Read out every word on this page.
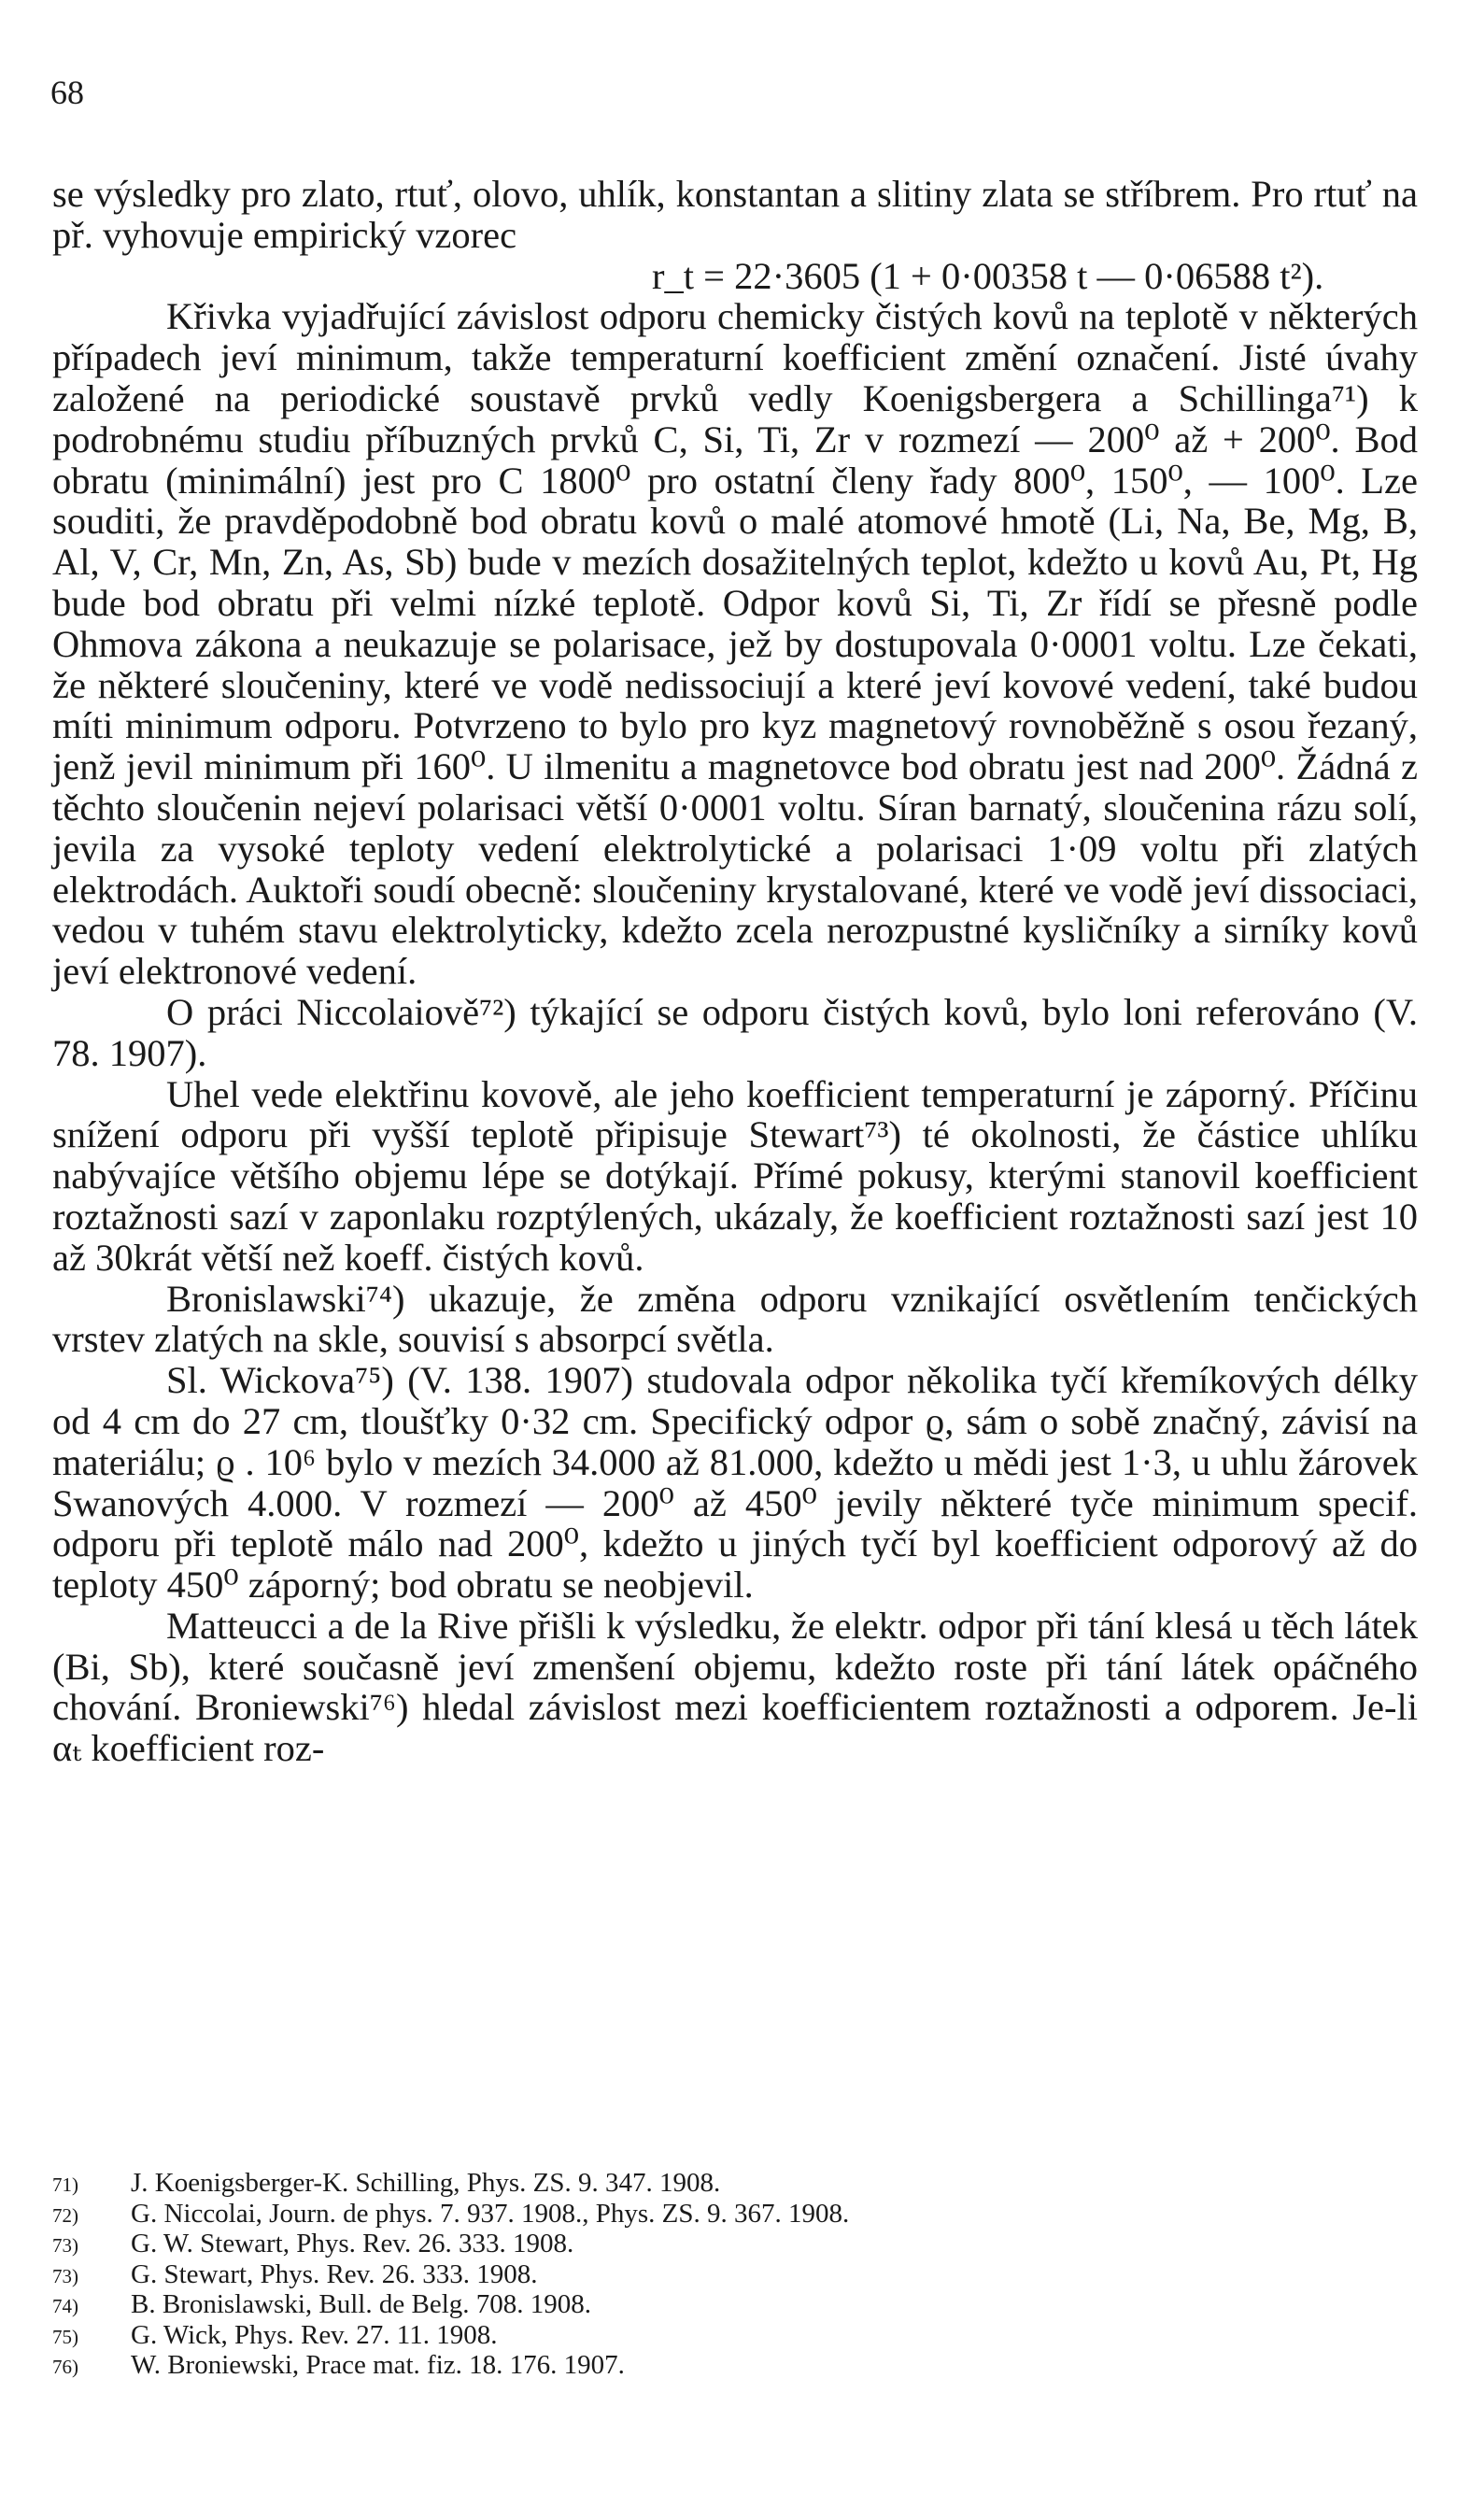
68

se výsledky pro zlato, rtuť, olovo, uhlík, konstantan a slitiny zlata se stříbrem. Pro rtuť na př. vyhovuje empirický vzorec

r_t = 22·3605 (1 + 0·00358 t — 0·06588 t²).

Křivka vyjadřující závislost odporu chemicky čistých kovů na teplotě v některých případech jeví minimum, takže temperaturní koefficient změní označení. Jisté úvahy založené na periodické soustavě prvků vedly Koenigsbergera a Schillinga⁷¹) k podrobnému studiu příbuzných prvků C, Si, Ti, Zr v rozmezí — 200⁰ až + 200⁰. Bod obratu (minimální) jest pro C 1800⁰ pro ostatní členy řady 800⁰, 150⁰, — 100⁰. Lze souditi, že pravděpodobně bod obratu kovů o malé atomové hmotě (Li, Na, Be, Mg, B, Al, V, Cr, Mn, Zn, As, Sb) bude v mezích dosažitelných teplot, kdežto u kovů Au, Pt, Hg bude bod obratu při velmi nízké teplotě. Odpor kovů Si, Ti, Zr řídí se přesně podle Ohmova zákona a neukazuje se polarisace, jež by dostupovala 0·0001 voltu. Lze čekati, že některé sloučeniny, které ve vodě nedissociují a které jeví kovové vedení, také budou míti minimum odporu. Potvrzeno to bylo pro kyz magnetový rovnoběžně s osou řezaný, jenž jevil minimum při 160⁰. U ilmenitu a magnetovce bod obratu jest nad 200⁰. Žádná z těchto sloučenin nejeví polarisaci větší 0·0001 voltu. Síran barnatý, sloučenina rázu solí, jevila za vysoké teploty vedení elektrolytické a polarisaci 1·09 voltu při zlatých elektrodách. Auktoři soudí obecně: sloučeniny krystalované, které ve vodě jeví dissociaci, vedou v tuhém stavu elektrolyticky, kdežto zcela nerozpustné kysličníky a sirníky kovů jeví elektronové vedení.

O práci Niccolaiově⁷²) týkající se odporu čistých kovů, bylo loni referováno (V. 78. 1907).

Uhel vede elektřinu kovově, ale jeho koefficient temperaturní je záporný. Příčinu snížení odporu při vyšší teplotě připisuje Stewart⁷³) té okolnosti, že částice uhlíku nabývajíce většího objemu lépe se dotýkají. Přímé pokusy, kterými stanovil koefficient roztažnosti sazí v zaponlaku rozptýlených, ukázaly, že koefficient roztažnosti sazí jest 10 až 30krát větší než koeff. čistých kovů.

Bronislawski⁷⁴) ukazuje, že změna odporu vznikající osvětlením tenčických vrstev zlatých na skle, souvisí s absorpcí světla.

Sl. Wickova⁷⁵) (V. 138. 1907) studovala odpor několika tyčí křemíkových délky od 4 cm do 27 cm, tloušťky 0·32 cm. Specifický odpor ϱ, sám o sobě značný, závisí na materiálu; ϱ . 10⁶ bylo v mezích 34.000 až 81.000, kdežto u mědi jest 1·3, u uhlu žárovek Swanových 4.000. V rozmezí — 200⁰ až 450⁰ jevily některé tyče minimum specif. odporu při teplotě málo nad 200⁰, kdežto u jiných tyčí byl koefficient odporový až do teploty 450⁰ záporný; bod obratu se neobjevil.

Matteucci a de la Rive přišli k výsledku, že elektr. odpor při tání klesá u těch látek (Bi, Sb), které současně jeví zmenšení objemu, kdežto roste při tání látek opáčného chování. Broniewski⁷⁶) hledal závislost mezi koefficientem roztažnosti a odporem. Je-li αₜ koefficient roz-

71)	J. Koenigsberger-K. Schilling, Phys. ZS. 9. 347. 1908.
72)	G. Niccolai, Journ. de phys. 7. 937. 1908., Phys. ZS. 9. 367. 1908.
73)	G. W. Stewart, Phys. Rev. 26. 333. 1908.
73)	G. Stewart, Phys. Rev. 26. 333. 1908.
74)	B. Bronislawski, Bull. de Belg. 708. 1908.
75)	G. Wick, Phys. Rev. 27. 11. 1908.
76)	W. Broniewski, Prace mat. fiz. 18. 176. 1907.
